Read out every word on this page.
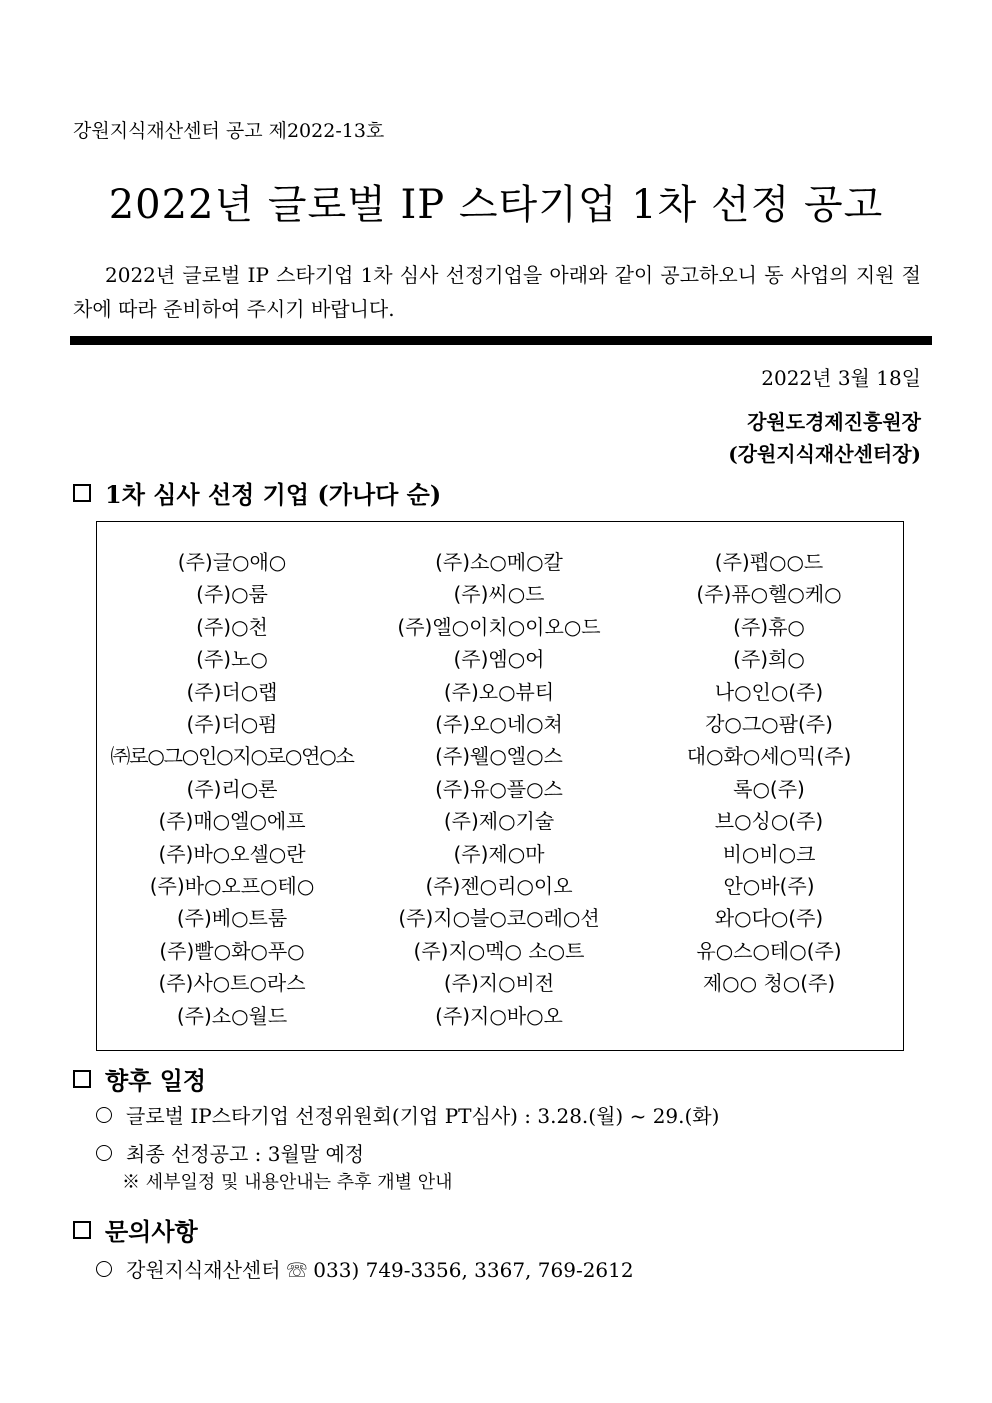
강원지식재산센터 공고 제2022-13호
2022년 글로벌 IP 스타기업 1차 선정 공고
2022년 글로벌 IP 스타기업 1차 심사 선정기업을 아래와 같이 공고하오니 동 사업의 지원 절차에 따라 준비하여 주시기 바랍니다.
2022년 3월 18일
강원도경제진흥원장
(강원지식재산센터장)
1차 심사 선정 기업 (가나다 순)
(주)글○애○
(주)○룸
(주)○천
(주)노○
(주)더○랩
(주)더○펌
㈜로○그○인○지○로○연○소
(주)리○론
(주)매○엘○에프
(주)바○오셀○란
(주)바○오프○테○
(주)베○트룸
(주)빨○화○푸○
(주)사○트○라스
(주)소○월드
(주)소○메○칼
(주)씨○드
(주)엘○이치○이오○드
(주)엠○어
(주)오○뷰티
(주)오○네○쳐
(주)웰○엘○스
(주)유○플○스
(주)제○기술
(주)제○마
(주)젠○리○이오
(주)지○블○코○레○션
(주)지○멕○ 소○트
(주)지○비전
(주)지○바○오
(주)펩○○드
(주)퓨○헬○케○
(주)휴○
(주)희○
나○인○(주)
강○그○팜(주)
대○화○세○믹(주)
록○(주)
브○싱○(주)
비○비○크
안○바(주)
와○다○(주)
유○스○테○(주)
제○○ 청○(주)
향후 일정
글로벌 IP스타기업 선정위원회(기업 PT심사) : 3.28.(월) ~ 29.(화)
최종 선정공고 : 3월말 예정
※ 세부일정 및 내용안내는 추후 개별 안내
문의사항
강원지식재산센터 ☏ 033) 749-3356, 3367, 769-2612
